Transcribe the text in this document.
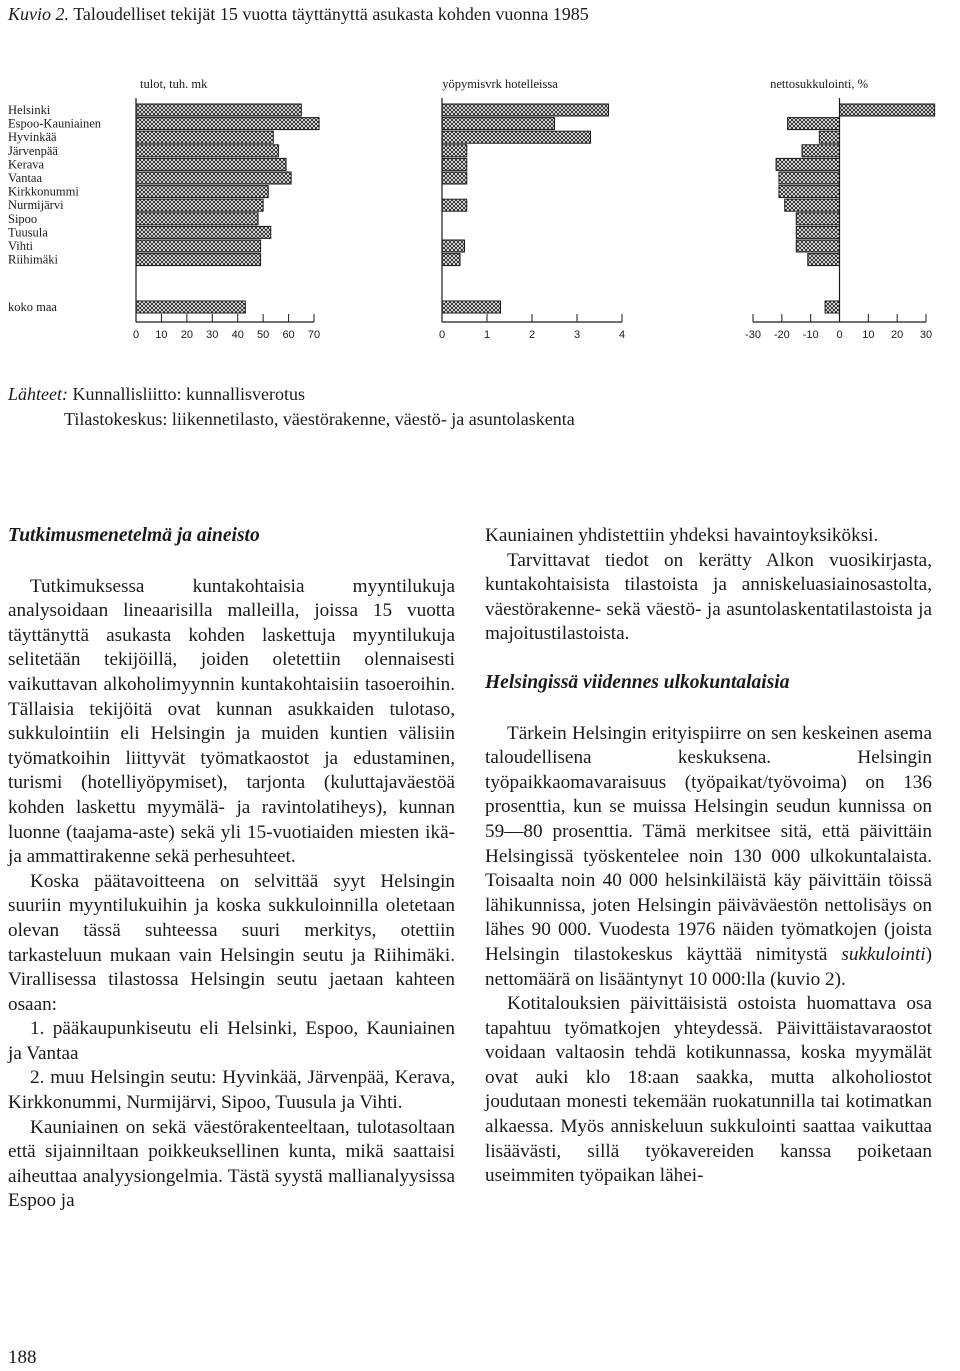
Kuvio 2. Taloudelliset tekijät 15 vuotta täyttänyttä asukasta kohden vuonna 1985
Helsinki
Espoo-Kauniainen
Hyvinkää
Järvenpää
Kerava
Vantaa
Kirkkonummi
Nurmijärvi
Sipoo
Tuusula
Vihti
Riihimäki
koko maa
tulot, tuh. mk
0 10 20 30 40 50 60 70
yöpymisvrk hotelleissa
0	1	2	3	4
nettosukkulointi, %
-30 -20 -10 0 10 20 30
Lähteet: Kunnallisliitto: kunnallisverotus
Tilastokeskus: liikennetilasto, väestörakenne, väestö- ja asuntolaskenta
Tutkimusmenetelmä ja aineisto

Tutkimuksessa kuntakohtaisia myyntilukuja analysoidaan lineaarisilla malleilla, joissa 15 vuotta täyttänyttä asukasta kohden laskettuja myyntilukuja selitetään tekijöillä, joiden oletettiin olennaisesti vaikuttavan alkoholimyynnin kuntakohtaisiin tasoeroihin. Tällaisia tekijöitä ovat kunnan asukkaiden tulotaso, sukkulointiin eli Helsingin ja muiden kuntien välisiin työmatkoihin liittyvät työmatkaostot ja edustaminen, turismi (hotelliyöpymiset), tarjonta (kuluttajaväestöä kohden laskettu myymälä- ja ravintolatiheys), kunnan luonne (taajama-aste) sekä yli 15-vuotiaiden miesten ikä- ja ammattirakenne sekä perhesuhteet.

Koska päätavoitteena on selvittää syyt Helsingin suuriin myyntilukuihin ja koska sukkuloinnilla oletetaan olevan tässä suhteessa suuri merkitys, otettiin tarkasteluun mukaan vain Helsingin seutu ja Riihimäki. Virallisessa tilastossa Helsingin seutu jaetaan kahteen osaan:

1. pääkaupunkiseutu eli Helsinki, Espoo, Kauniainen ja Vantaa

2. muu Helsingin seutu: Hyvinkää, Järvenpää, Kerava, Kirkkonummi, Nurmijärvi, Sipoo, Tuusula ja Vihti.

Kauniainen on sekä väestörakenteeltaan, tulotasoltaan että sijainniltaan poikkeuksellinen kunta, mikä saattaisi aiheuttaa analyysiongelmia. Tästä syystä mallianalyysissa Espoo ja

Kauniainen yhdistettiin yhdeksi havaintoyksiköksi.

Tarvittavat tiedot on kerätty Alkon vuosikirjasta, kuntakohtaisista tilastoista ja anniskeluasiainosastolta, väestörakenne- sekä väestö- ja asuntolaskentatilastoista ja majoitustilastoista.

Helsingissä viidennes ulkokuntalaisia

Tärkein Helsingin erityispiirre on sen keskeinen asema taloudellisena keskuksena. Helsingin työpaikkaomavaraisuus (työpaikat/työvoima) on 136 prosenttia, kun se muissa Helsingin seudun kunnissa on 59—80 prosenttia. Tämä merkitsee sitä, että päivittäin Helsingissä työskentelee noin 130 000 ulkokuntalaista. Toisaalta noin 40 000 helsinkiläistä käy päivittäin töissä lähikunnissa, joten Helsingin päiväväestön nettolisäys on lähes 90 000. Vuodesta 1976 näiden työmatkojen (joista Helsingin tilastokeskus käyttää nimitystä sukkulointi) nettomäärä on lisääntynyt 10 000:lla (kuvio 2).

Kotitalouksien päivittäisistä ostoista huomattava osa tapahtuu työmatkojen yhteydessä. Päivittäistavaraostot voidaan valtaosin tehdä kotikunnassa, koska myymälät ovat auki klo 18:aan saakka, mutta alkoholiostot joudutaan monesti tekemään ruokatunnilla tai kotimatkan alkaessa. Myös anniskeluun sukkulointi saattaa vaikuttaa lisäävästi, sillä työkavereiden kanssa poiketaan useimmiten työpaikan lähei-

188
